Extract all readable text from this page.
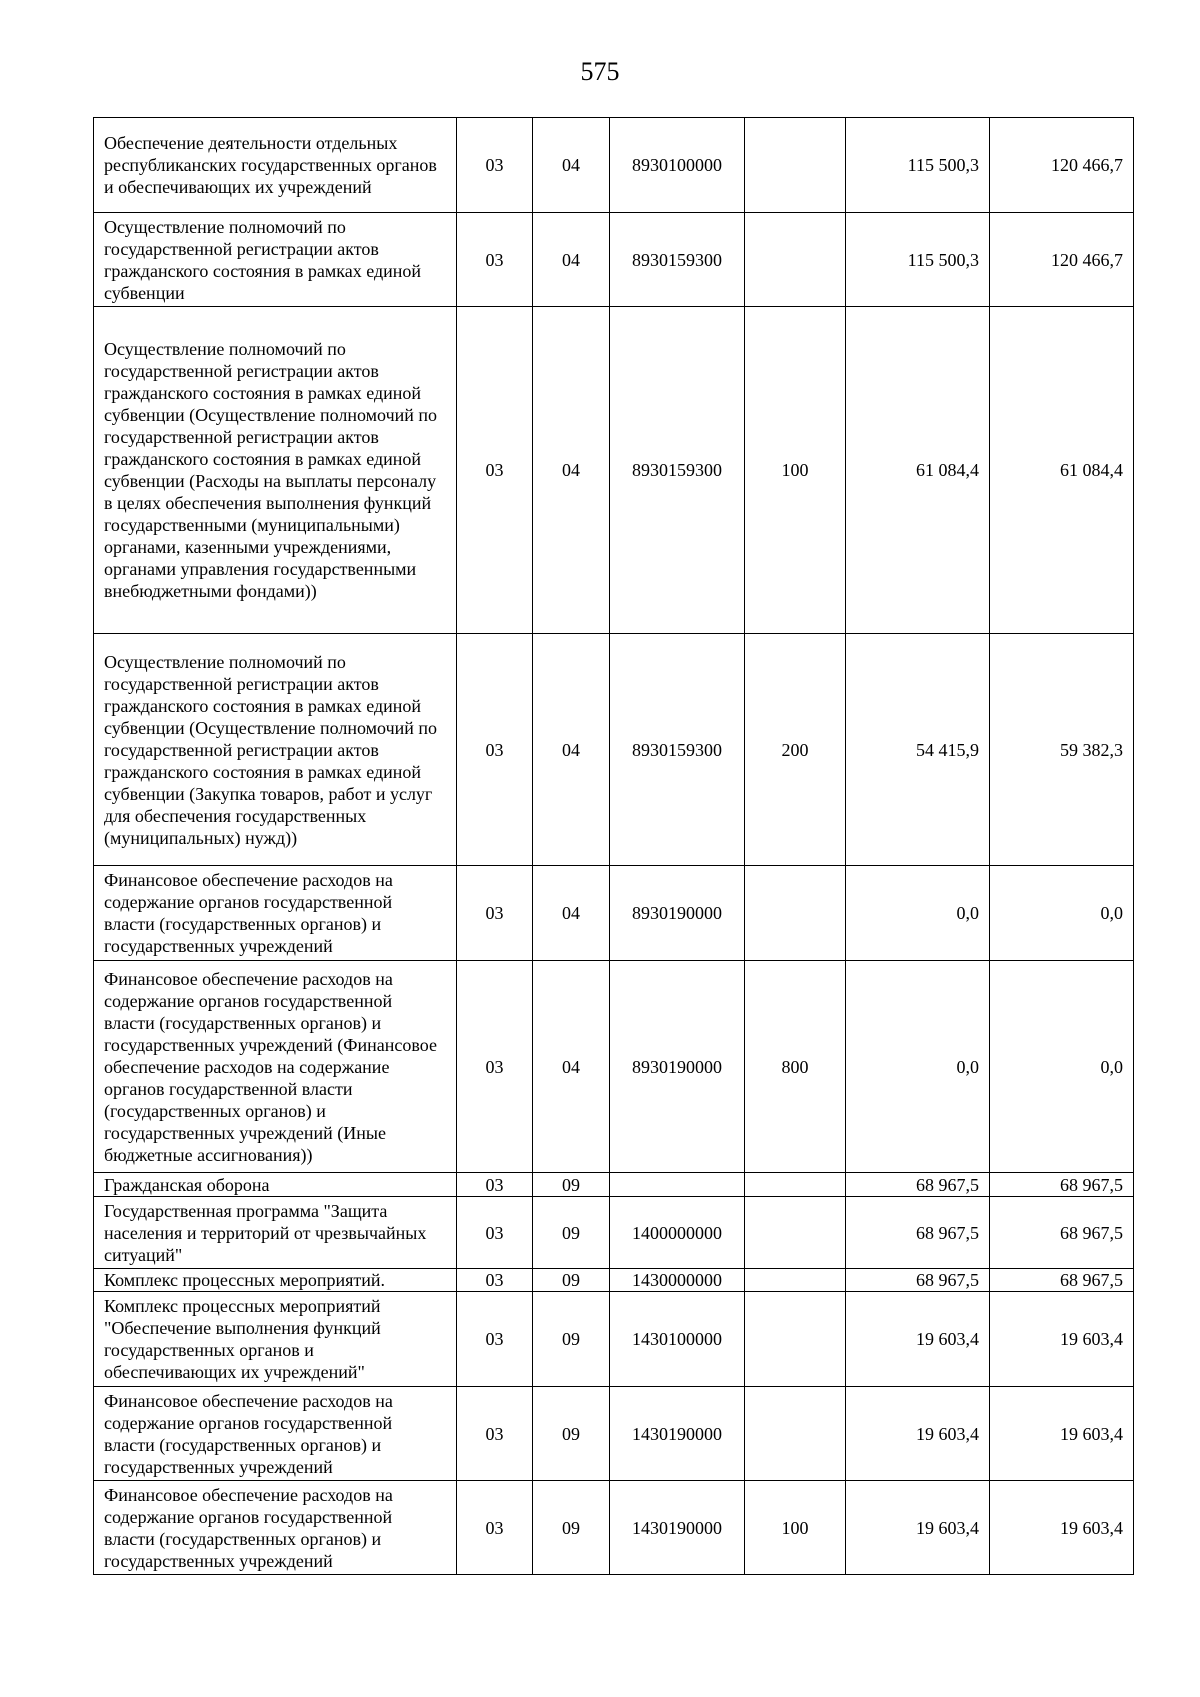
575
Обеспечение деятельности отдельных республиканских государственных органов и обеспечивающих их учреждений	03	04	8930100000		115 500,3	120 466,7
Осуществление полномочий по государственной регистрации актов гражданского состояния в рамках единой субвенции	03	04	8930159300		115 500,3	120 466,7
Осуществление полномочий по государственной регистрации актов гражданского состояния в рамках единой субвенции (Осуществление полномочий по государственной регистрации актов гражданского состояния в рамках единой субвенции (Расходы на выплаты персоналу в целях обеспечения выполнения функций государственными (муниципальными) органами, казенными учреждениями, органами управления государственными внебюджетными фондами))	03	04	8930159300	100	61 084,4	61 084,4
Осуществление полномочий по государственной регистрации актов гражданского состояния в рамках единой субвенции (Осуществление полномочий по государственной регистрации актов гражданского состояния в рамках единой субвенции (Закупка товаров, работ и услуг для обеспечения государственных (муниципальных) нужд))	03	04	8930159300	200	54 415,9	59 382,3
Финансовое обеспечение расходов на содержание органов государственной власти (государственных органов) и государственных учреждений	03	04	8930190000		0,0	0,0
Финансовое обеспечение расходов на содержание органов государственной власти (государственных органов) и государственных учреждений (Финансовое обеспечение расходов на содержание органов государственной власти (государственных органов) и государственных учреждений (Иные бюджетные ассигнования))	03	04	8930190000	800	0,0	0,0
Гражданская оборона	03	09			68 967,5	68 967,5
Государственная программа "Защита населения и территорий от чрезвычайных ситуаций"	03	09	1400000000		68 967,5	68 967,5
Комплекс процессных мероприятий.	03	09	1430000000		68 967,5	68 967,5
Комплекс процессных мероприятий "Обеспечение выполнения функций государственных органов и обеспечивающих их учреждений"	03	09	1430100000		19 603,4	19 603,4
Финансовое обеспечение расходов на содержание органов государственной власти (государственных органов) и государственных учреждений	03	09	1430190000		19 603,4	19 603,4
Финансовое обеспечение расходов на содержание органов государственной власти (государственных органов) и государственных учреждений	03	09	1430190000	100	19 603,4	19 603,4
